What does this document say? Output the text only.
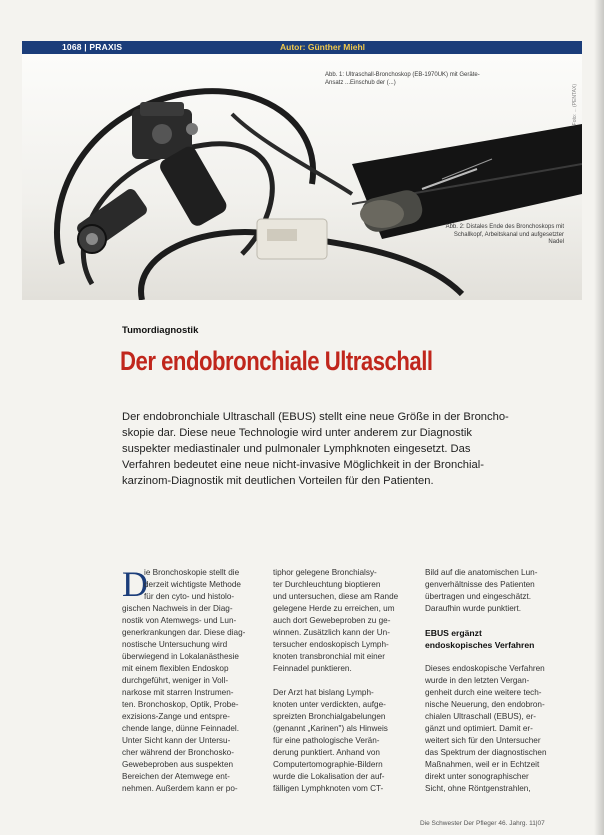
1068 | PRAXIS	Autor: Günther Miehl
Abb. 1: Ultraschall-Bronchoskop (EB-1970UK) mit Geräte-Ansatz ...Einschub der (...)
Abb. 2: Distales Ende des Bronchoskops mit Schallkopf, Arbeitskanal und aufgesetzter Nadel
Foto: ... (PENTAX)
Tumordiagnostik
Der endobronchiale Ultraschall
Der endobronchiale Ultraschall (EBUS) stellt eine neue Größe in der Broncho-
skopie dar. Diese neue Technologie wird unter anderem zur Diagnostik
suspekter mediastinaler und pulmonaler Lymphknoten eingesetzt. Das
Verfahren bedeutet eine neue nicht-invasive Möglichkeit in der Bronchial-
karzinom-Diagnostik mit deutlichen Vorteilen für den Patienten.
D
ie Bronchoskopie stellt die
derzeit wichtigste Methode
für den cyto- und histolo-
gischen Nachweis in der Diag-
nostik von Atemwegs- und Lun-
generkrankungen dar. Diese diag-
nostische Untersuchung wird
überwiegend in Lokalanästhesie
mit einem flexiblen Endoskop
durchgeführt, weniger in Voll-
narkose mit starren Instrumen-
ten. Bronchoskop, Optik, Probe-
exzisions-Zange und entspre-
chende lange, dünne Feinnadel.
Unter Sicht kann der Untersu-
cher während der Bronchosko-
Gewebeproben aus suspekten
Bereichen der Atemwege ent-
nehmen. Außerdem kann er po-
tiphor gelegene Bronchialsy-
ter Durchleuchtung bioptieren
und untersuchen, diese am Rande
gelegene Herde zu erreichen, um
auch dort Gewebeproben zu ge-
winnen. Zusätzlich kann der Un-
tersucher endoskopisch Lymph-
knoten transbronchial mit einer
Feinnadel punktieren.

Der Arzt hat bislang Lymph-
knoten unter verdickten, aufge-
spreizten Bronchialgabelungen
(genannt „Karinen") als Hinweis
für eine pathologische Verän-
derung punktiert. Anhand von
Computertomographie-Bildern
wurde die Lokalisation der auf-
fälligen Lymphknoten vom CT-
Bild auf die anatomischen Lun-
genverhältnisse des Patienten
übertragen und eingeschätzt.
Daraufhin wurde punktiert.

EBUS ergänzt
endoskopisches Verfahren

Dieses endoskopische Verfahren
wurde in den letzten Vergan-
genheit durch eine weitere tech-
nische Neuerung, den endobron-
chialen Ultraschall (EBUS), er-
gänzt und optimiert. Damit er-
weitert sich für den Untersucher
das Spektrum der diagnostischen
Maßnahmen, weil er in Echtzeit
direkt unter sonographischer
Sicht, ohne Röntgenstrahlen,
Die Schwester Der Pfleger 46. Jahrg. 11|07
